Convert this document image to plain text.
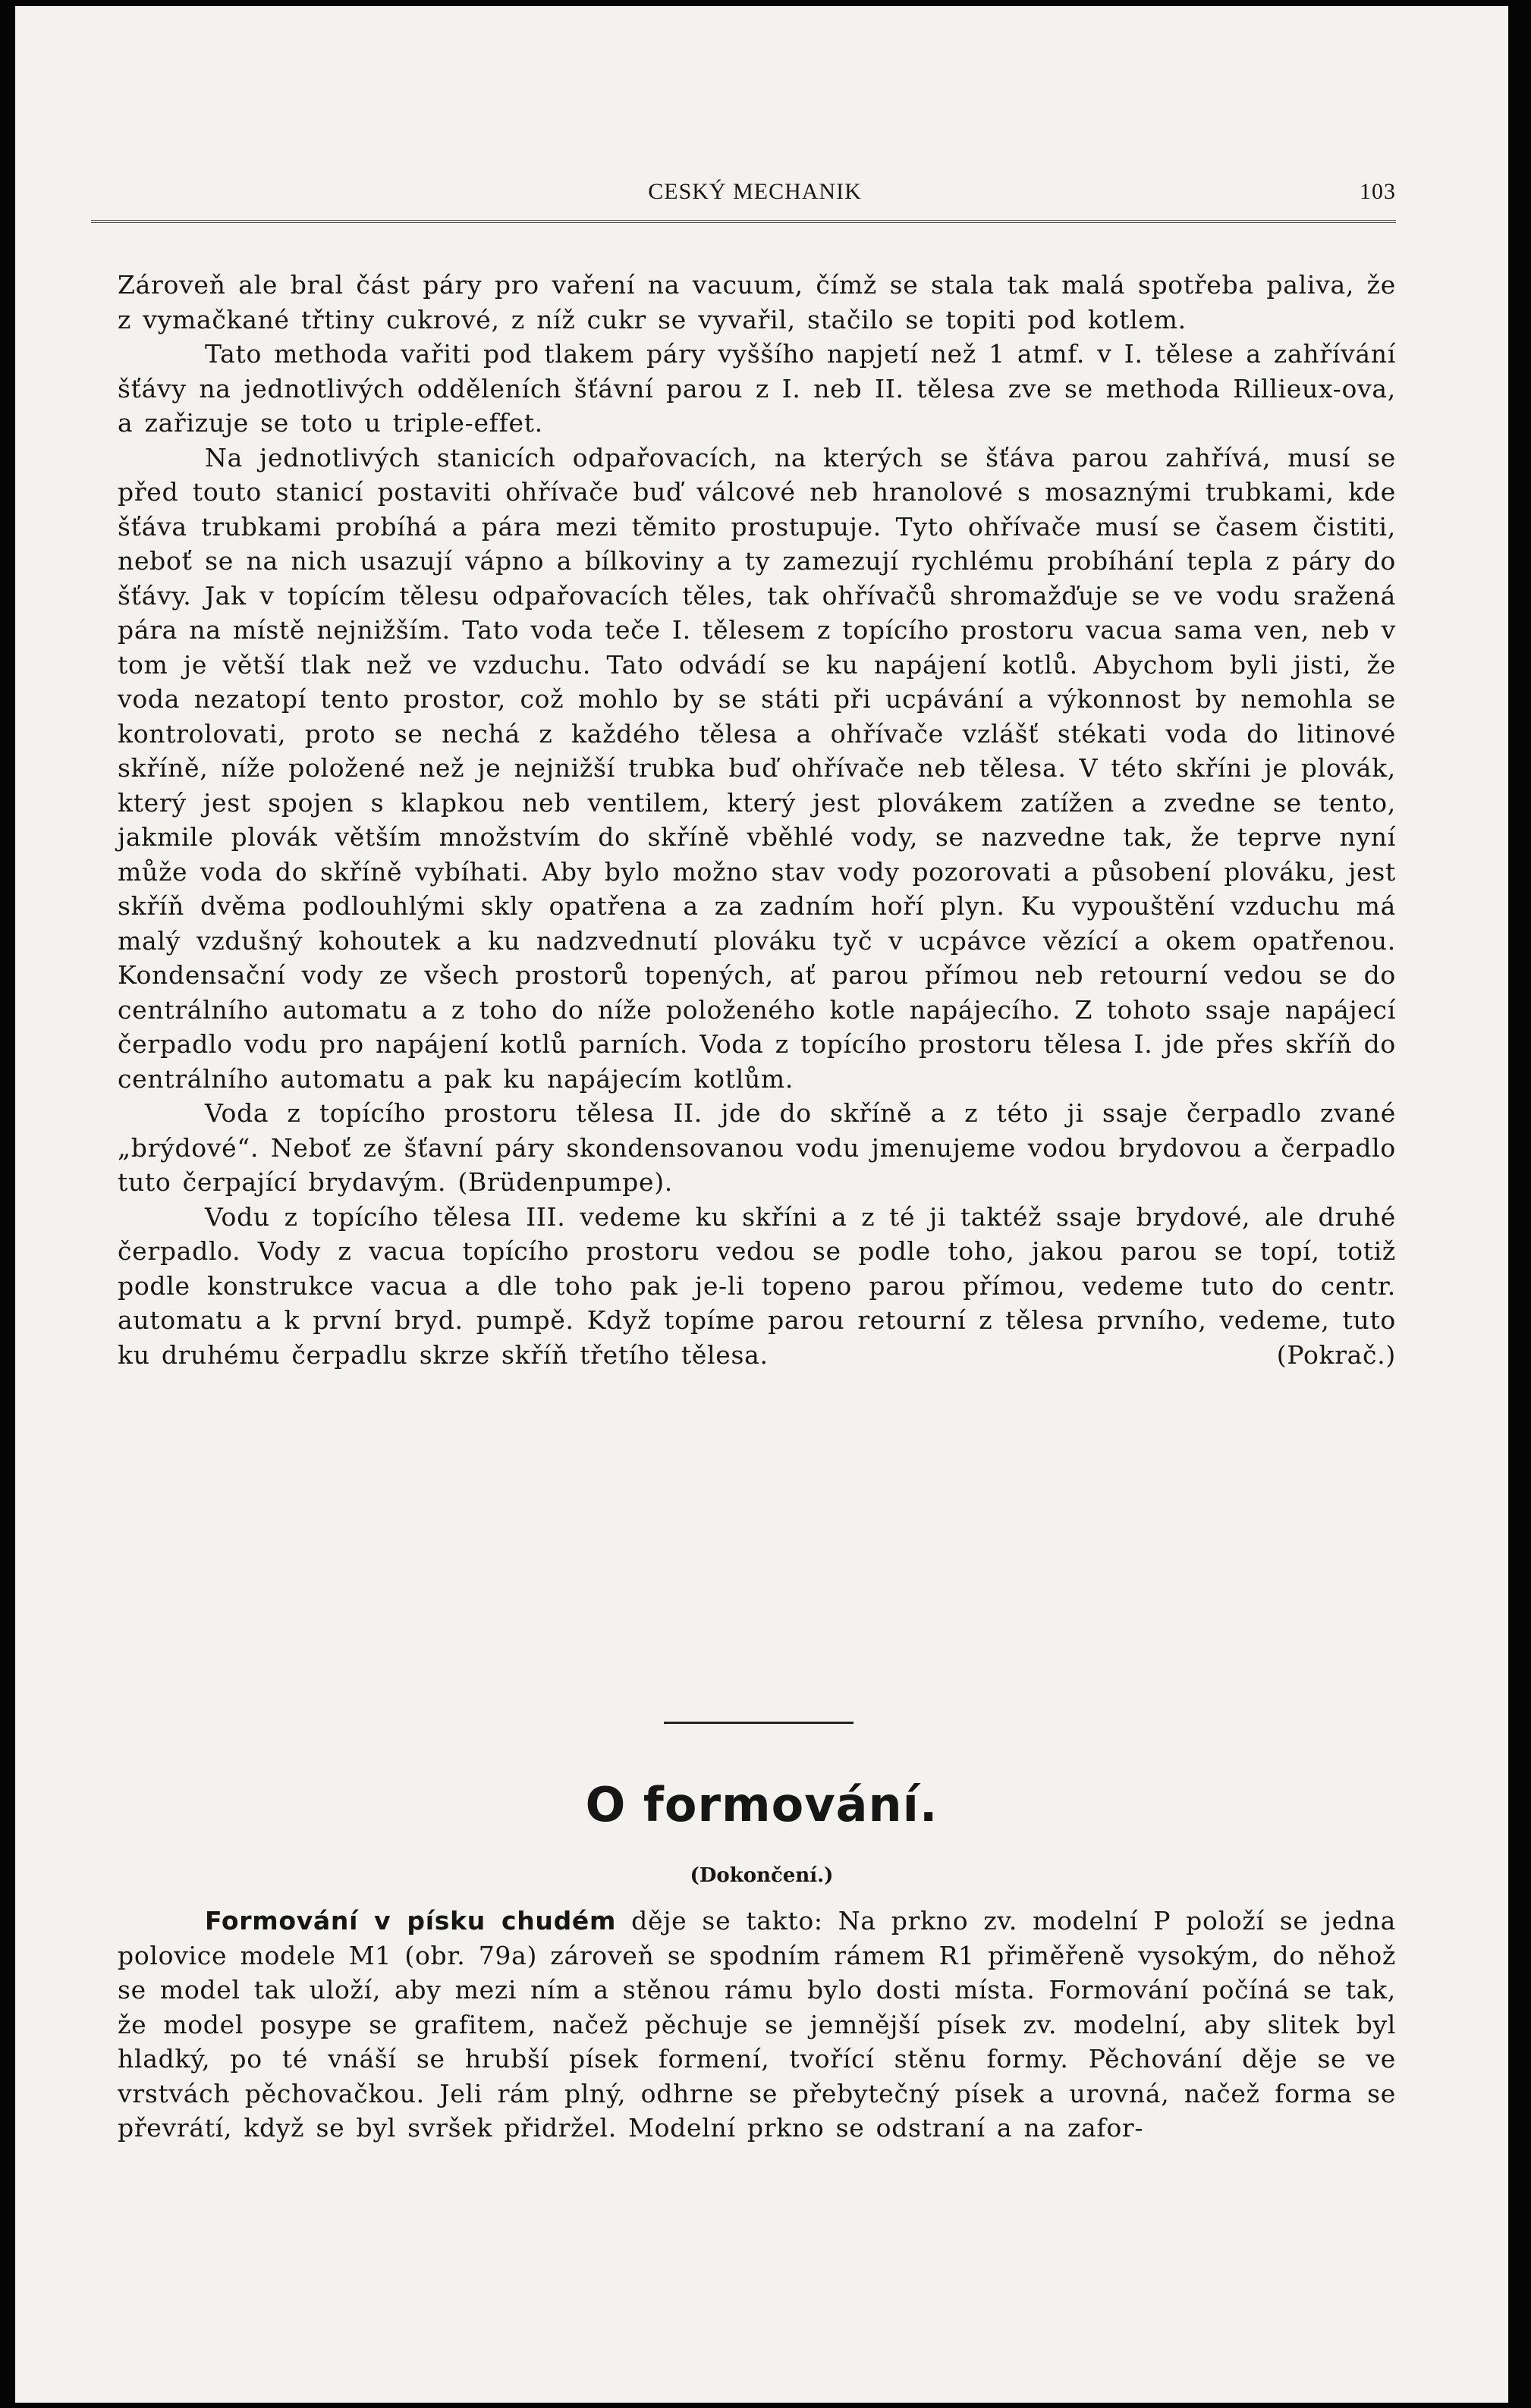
CESKÝ MECHANIK	103

Zároveň ale bral část páry pro vaření na vacuum, čímž se stala tak malá spotřeba paliva, že z vymačkané třtiny cukrové, z níž cukr se vyvařil, stačilo se topiti pod kotlem.

Tato methoda vařiti pod tlakem páry vyššího napjetí než 1 atmf. v I. tělese a zahřívání šťávy na jednotlivých odděleních šťávní parou z I. neb II. tělesa zve se methoda Rillieux-ova, a zařizuje se toto u triple-effet.

Na jednotlivých stanicích odpařovacích, na kterých se šťáva parou zahřívá, musí se před touto stanicí postaviti ohřívače buď válcové neb hranolové s mosaznými trubkami, kde šťáva trubkami probíhá a pára mezi těmito prostupuje. Tyto ohřívače musí se časem čistiti, neboť se na nich usazují vápno a bílkoviny a ty zamezují rychlému probíhání tepla z páry do šťávy. Jak v topícím tělesu odpařovacích těles, tak ohřívačů shromažďuje se ve vodu sražená pára na místě nejnižším. Tato voda teče I. tělesem z topícího prostoru vacua sama ven, neb v tom je větší tlak než ve vzduchu. Tato odvádí se ku napájení kotlů. Abychom byli jisti, že voda nezatopí tento prostor, což mohlo by se státi při ucpávání a výkonnost by nemohla se kontrolovati, proto se nechá z každého tělesa a ohřívače vzlášť stékati voda do litinové skříně, níže položené než je nejnižší trubka buď ohřívače neb tělesa. V této skříni je plovák, který jest spojen s klapkou neb ventilem, který jest plovákem zatížen a zvedne se tento, jakmile plovák větším množstvím do skříně vběhlé vody, se nazvedne tak, že teprve nyní může voda do skříně vybíhati. Aby bylo možno stav vody pozorovati a působení plováku, jest skříň dvěma podlouhlými skly opatřena a za zadním hoří plyn. Ku vypouštění vzduchu má malý vzdušný kohoutek a ku nadzvednutí plováku tyč v ucpávce vězící a okem opatřenou. Kondensační vody ze všech prostorů topených, ať parou přímou neb retourní vedou se do centrálního automatu a z toho do níže položeného kotle napájecího. Z tohoto ssaje napájecí čerpadlo vodu pro napájení kotlů parních. Voda z topícího prostoru tělesa I. jde přes skříň do centrálního automatu a pak ku napájecím kotlům.

Voda z topícího prostoru tělesa II. jde do skříně a z této ji ssaje čerpadlo zvané „brýdové“. Neboť ze šťavní páry skondensovanou vodu jmenujeme vodou brydovou a čerpadlo tuto čerpající brydavým. (Brüdenpumpe).

Vodu z topícího tělesa III. vedeme ku skříni a z té ji taktéž ssaje brydové, ale druhé čerpadlo. Vody z vacua topícího prostoru vedou se podle toho, jakou parou se topí, totiž podle konstrukce vacua a dle toho pak je-li topeno parou přímou, vedeme tuto do centr. automatu a k první bryd. pumpě. Když topíme parou retourní z tělesa prvního, vedeme, tuto ku druhému čerpadlu skrze skříň třetího tělesa.	(Pokrač.)

O formování.
(Dokončení.)

Formování v písku chudém děje se takto: Na prkno zv. modelní P položí se jedna polovice modele M1 (obr. 79a) zároveň se spodním rámem R1 přiměřeně vysokým, do něhož se model tak uloží, aby mezi ním a stěnou rámu bylo dosti místa. Formování počíná se tak, že model posype se grafitem, načež pěchuje se jemnější písek zv. modelní, aby slitek byl hladký, po té vnáší se hrubší písek formení, tvořící stěnu formy. Pěchování děje se ve vrstvách pěchovačkou. Jeli rám plný, odhrne se přebytečný písek a urovná, načež forma se převrátí, když se byl svršek přidržel. Modelní prkno se odstraní a na zafor-
